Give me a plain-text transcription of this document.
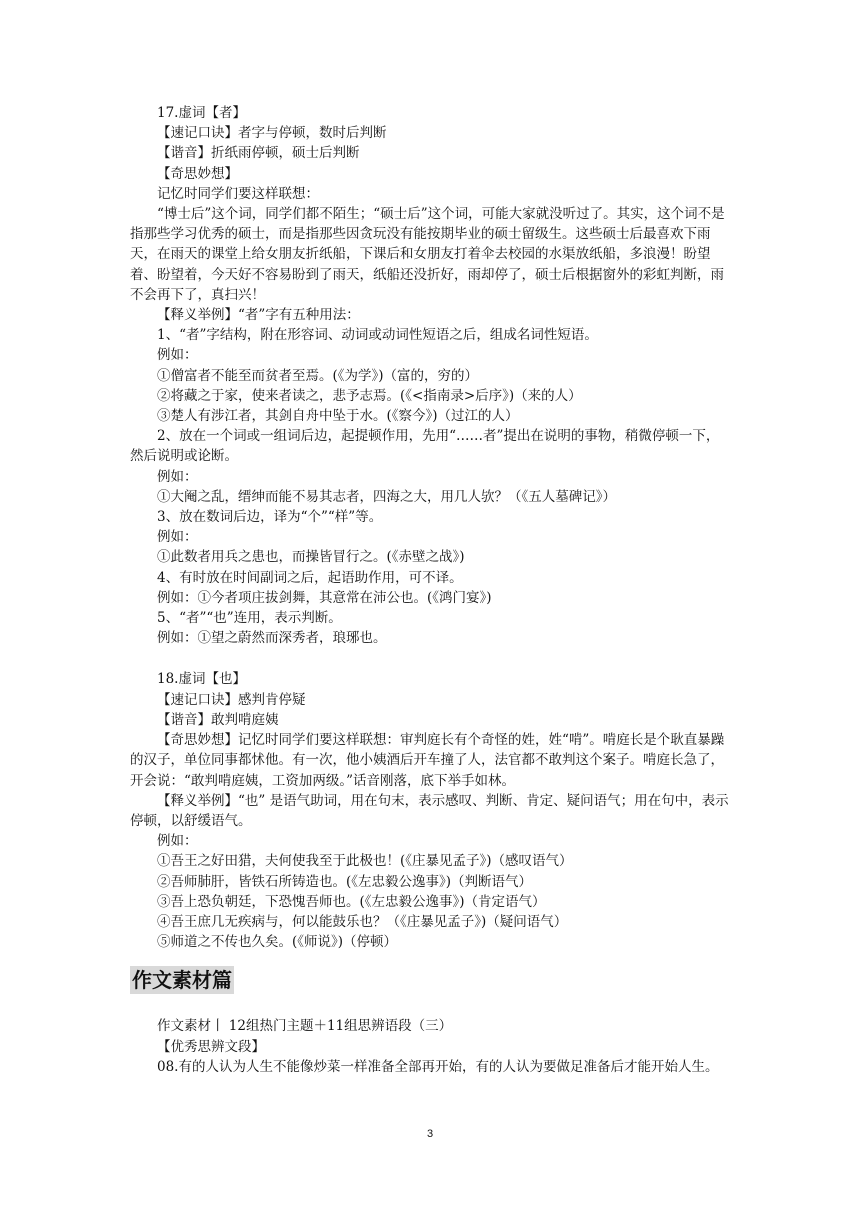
17.虚词【者】

【速记口诀】者字与停顿，数时后判断

【谐音】折纸雨停顿，硕士后判断

【奇思妙想】

记忆时同学们要这样联想：

“博士后”这个词，同学们都不陌生；“硕士后”这个词，可能大家就没听过了。其实，这个词不是指那些学习优秀的硕士，而是指那些因贪玩没有能按期毕业的硕士留级生。这些硕士后最喜欢下雨天，在雨天的课堂上给女朋友折纸船，下课后和女朋友打着伞去校园的水渠放纸船，多浪漫！盼望着、盼望着，今天好不容易盼到了雨天，纸船还没折好，雨却停了，硕士后根据窗外的彩虹判断，雨不会再下了，真扫兴！

【释义举例】“者”字有五种用法：

1、“者”字结构，附在形容词、动词或动词性短语之后，组成名词性短语。

例如：

①僧富者不能至而贫者至焉。(《为学》)（富的，穷的）

②将藏之于家，使来者读之，悲予志焉。(《<指南录>后序》)（来的人）

③楚人有涉江者，其剑自舟中坠于水。(《察今》)（过江的人）

2、放在一个词或一组词后边，起提顿作用，先用“……者”提出在说明的事物，稍微停顿一下，然后说明或论断。

例如：

①大阉之乱，缙绅而能不易其志者，四海之大，用几人欤？（《五人墓碑记》）

3、放在数词后边，译为“个”“样”等。

例如：

①此数者用兵之患也，而操皆冒行之。(《赤壁之战》)

4、有时放在时间副词之后，起语助作用，可不译。

例如：①今者项庄拔剑舞，其意常在沛公也。(《鸿门宴》)

5、“者”“也”连用，表示判断。

例如：①望之蔚然而深秀者，琅琊也。

18.虚词【也】

【速记口诀】感判肯停疑

【谐音】敢判啃庭姨

【奇思妙想】记忆时同学们要这样联想：审判庭长有个奇怪的姓，姓“啃”。啃庭长是个耿直暴躁的汉子，单位同事都怵他。有一次，他小姨酒后开车撞了人，法官都不敢判这个案子。啃庭长急了，开会说：“敢判啃庭姨，工资加两级。”话音刚落，底下举手如林。

【释义举例】“也” 是语气助词，用在句末，表示感叹、判断、肯定、疑问语气；用在句中，表示停顿，以舒缓语气。

例如：

①吾王之好田猎，夫何使我至于此极也！(《庄暴见孟子》)（感叹语气）

②吾师肺肝，皆铁石所铸造也。(《左忠毅公逸事》)（判断语气）

③吾上恐负朝廷，下恐愧吾师也。(《左忠毅公逸事》)（肯定语气）

④吾王庶几无疾病与，何以能鼓乐也？（《庄暴见孟子》)（疑问语气）

⑤师道之不传也久矣。(《师说》)（停顿）

作文素材篇

作文素材丨 12组热门主题＋11组思辨语段（三）

【优秀思辨文段】

08.有的人认为人生不能像炒菜一样准备全部再开始，有的人认为要做足准备后才能开始人生。

3
